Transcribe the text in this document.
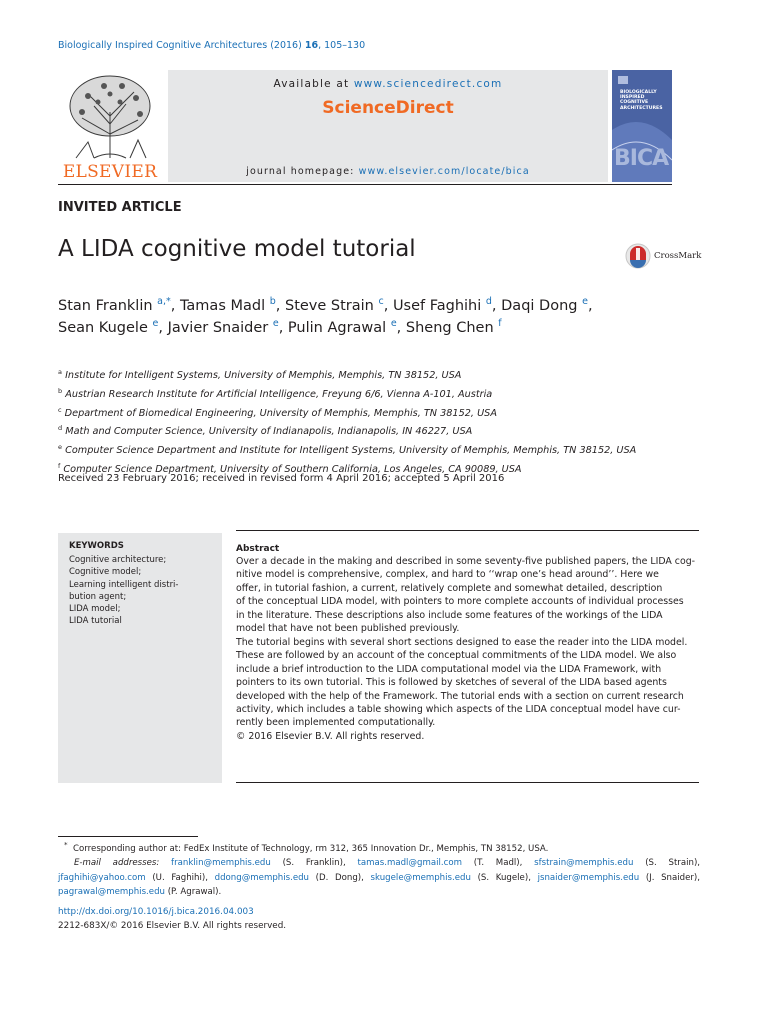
Biologically Inspired Cognitive Architectures (2016) 16, 105–130
ELSEVIER
Available at www.sciencedirect.com
ScienceDirect
journal homepage: www.elsevier.com/locate/bica
BIOLOGICALLY
INSPIRED
COGNITIVE
ARCHITECTURES
BICA
INVITED ARTICLE
A LIDA cognitive model tutorial	CrossMark
Stan Franklin $^{a,*}$, Tamas Madl $^b$, Steve Strain $^c$, Usef Faghihi $^d$, Daqi Dong $^e$,
Sean Kugele $^e$, Javier Snaider $^e$, Pulin Agrawal $^e$, Sheng Chen $^f$
$^a$ Institute for Intelligent Systems, University of Memphis, Memphis, TN 38152, USA
$^b$ Austrian Research Institute for Artificial Intelligence, Freyung 6/6, Vienna A-101, Austria
$^c$ Department of Biomedical Engineering, University of Memphis, Memphis, TN 38152, USA
$^d$ Math and Computer Science, University of Indianapolis, Indianapolis, IN 46227, USA
$^e$ Computer Science Department and Institute for Intelligent Systems, University of Memphis, Memphis, TN 38152, USA
$^f$ Computer Science Department, University of Southern California, Los Angeles, CA 90089, USA
Received 23 February 2016; received in revised form 4 April 2016; accepted 5 April 2016
KEYWORDS
Cognitive architecture;
Cognitive model;
Learning intelligent distri-
bution agent;
LIDA model;
LIDA tutorial
Abstract
Over a decade in the making and described in some seventy-five published papers, the LIDA cog-
nitive model is comprehensive, complex, and hard to ‘‘wrap one’s head around’’. Here we
offer, in tutorial fashion, a current, relatively complete and somewhat detailed, description
of the conceptual LIDA model, with pointers to more complete accounts of individual processes
in the literature. These descriptions also include some features of the workings of the LIDA
model that have not been published previously.
The tutorial begins with several short sections designed to ease the reader into the LIDA model.
These are followed by an account of the conceptual commitments of the LIDA model. We also
include a brief introduction to the LIDA computational model via the LIDA Framework, with
pointers to its own tutorial. This is followed by sketches of several of the LIDA based agents
developed with the help of the Framework. The tutorial ends with a section on current research
activity, which includes a table showing which aspects of the LIDA conceptual model have cur-
rently been implemented computationally.
© 2016 Elsevier B.V. All rights reserved.
* Corresponding author at: FedEx Institute of Technology, rm 312, 365 Innovation Dr., Memphis, TN 38152, USA.
E-mail addresses: franklin@memphis.edu (S. Franklin), tamas.madl@gmail.com (T. Madl), sfstrain@memphis.edu (S. Strain), jfaghihi@yahoo.com (U. Faghihi), ddong@memphis.edu (D. Dong), skugele@memphis.edu (S. Kugele), jsnaider@memphis.edu (J. Snaider), pagrawal@memphis.edu (P. Agrawal).
http://dx.doi.org/10.1016/j.bica.2016.04.003
2212-683X/© 2016 Elsevier B.V. All rights reserved.
